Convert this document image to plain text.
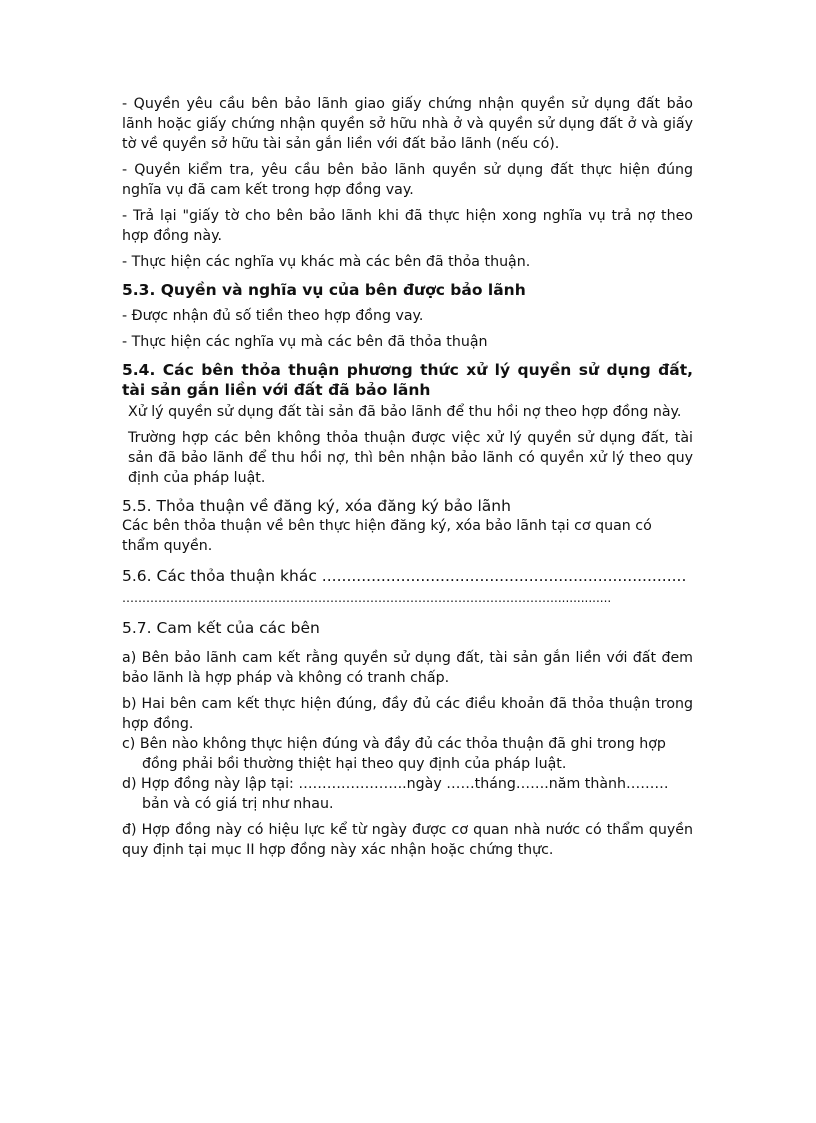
- Quyền yêu cầu bên bảo lãnh giao giấy chứng nhận quyền sử dụng đất bảo lãnh hoặc giấy chứng nhận quyền sở hữu nhà ở và quyền sử dụng đất ở và giấy tờ về quyền sở hữu tài sản gắn liền với đất bảo lãnh (nếu có).

- Quyền kiểm tra, yêu cầu bên bảo lãnh quyền sử dụng đất thực hiện đúng nghĩa vụ đã cam kết trong hợp đồng vay.

- Trả lại "giấy tờ cho bên bảo lãnh khi đã thực hiện xong nghĩa vụ trả nợ theo hợp đồng này.

- Thực hiện các nghĩa vụ khác mà các bên đã thỏa thuận.

5.3. Quyền và nghĩa vụ của bên được bảo lãnh

- Được nhận đủ số tiền theo hợp đồng vay.

- Thực hiện các nghĩa vụ mà các bên đã thỏa thuận

5.4. Các bên thỏa thuận phương thức xử lý quyền sử dụng đất, tài sản gắn liền với đất đã bảo lãnh

Xử lý quyền sử dụng đất tài sản đã bảo lãnh để thu hồi nợ theo hợp đồng này.

Trường hợp các bên không thỏa thuận được việc xử lý quyền sử dụng đất, tài sản đã bảo lãnh để thu hồi nợ, thì bên nhận bảo lãnh có quyền xử lý theo quy định của pháp luật.

5.5. Thỏa thuận về đăng ký, xóa đăng ký bảo lãnh

Các bên thỏa thuận về bên thực hiện đăng ký, xóa bảo lãnh tại cơ quan có thẩm quyền.

5.6. Các thỏa thuận khác ..........................................................................

………………………………………………………………………………………………...............

5.7. Cam kết của các bên

a) Bên bảo lãnh cam kết rằng quyền sử dụng đất, tài sản gắn liền với đất đem bảo lãnh là hợp pháp và không có tranh chấp.

b) Hai bên cam kết thực hiện đúng, đầy đủ các điều khoản đã thỏa thuận trong hợp đồng.

c) Bên nào không thực hiện đúng và đầy đủ các thỏa thuận đã ghi trong hợp đồng phải bồi thường thiệt hại theo quy định của pháp luật.

d) Hợp đồng này lập tại: …………………..ngày ……tháng…….năm thành………bản và có giá trị như nhau.

đ) Hợp đồng này có hiệu lực kể từ ngày được cơ quan nhà nước có thẩm quyền quy định tại mục II hợp đồng này xác nhận hoặc chứng thực.
